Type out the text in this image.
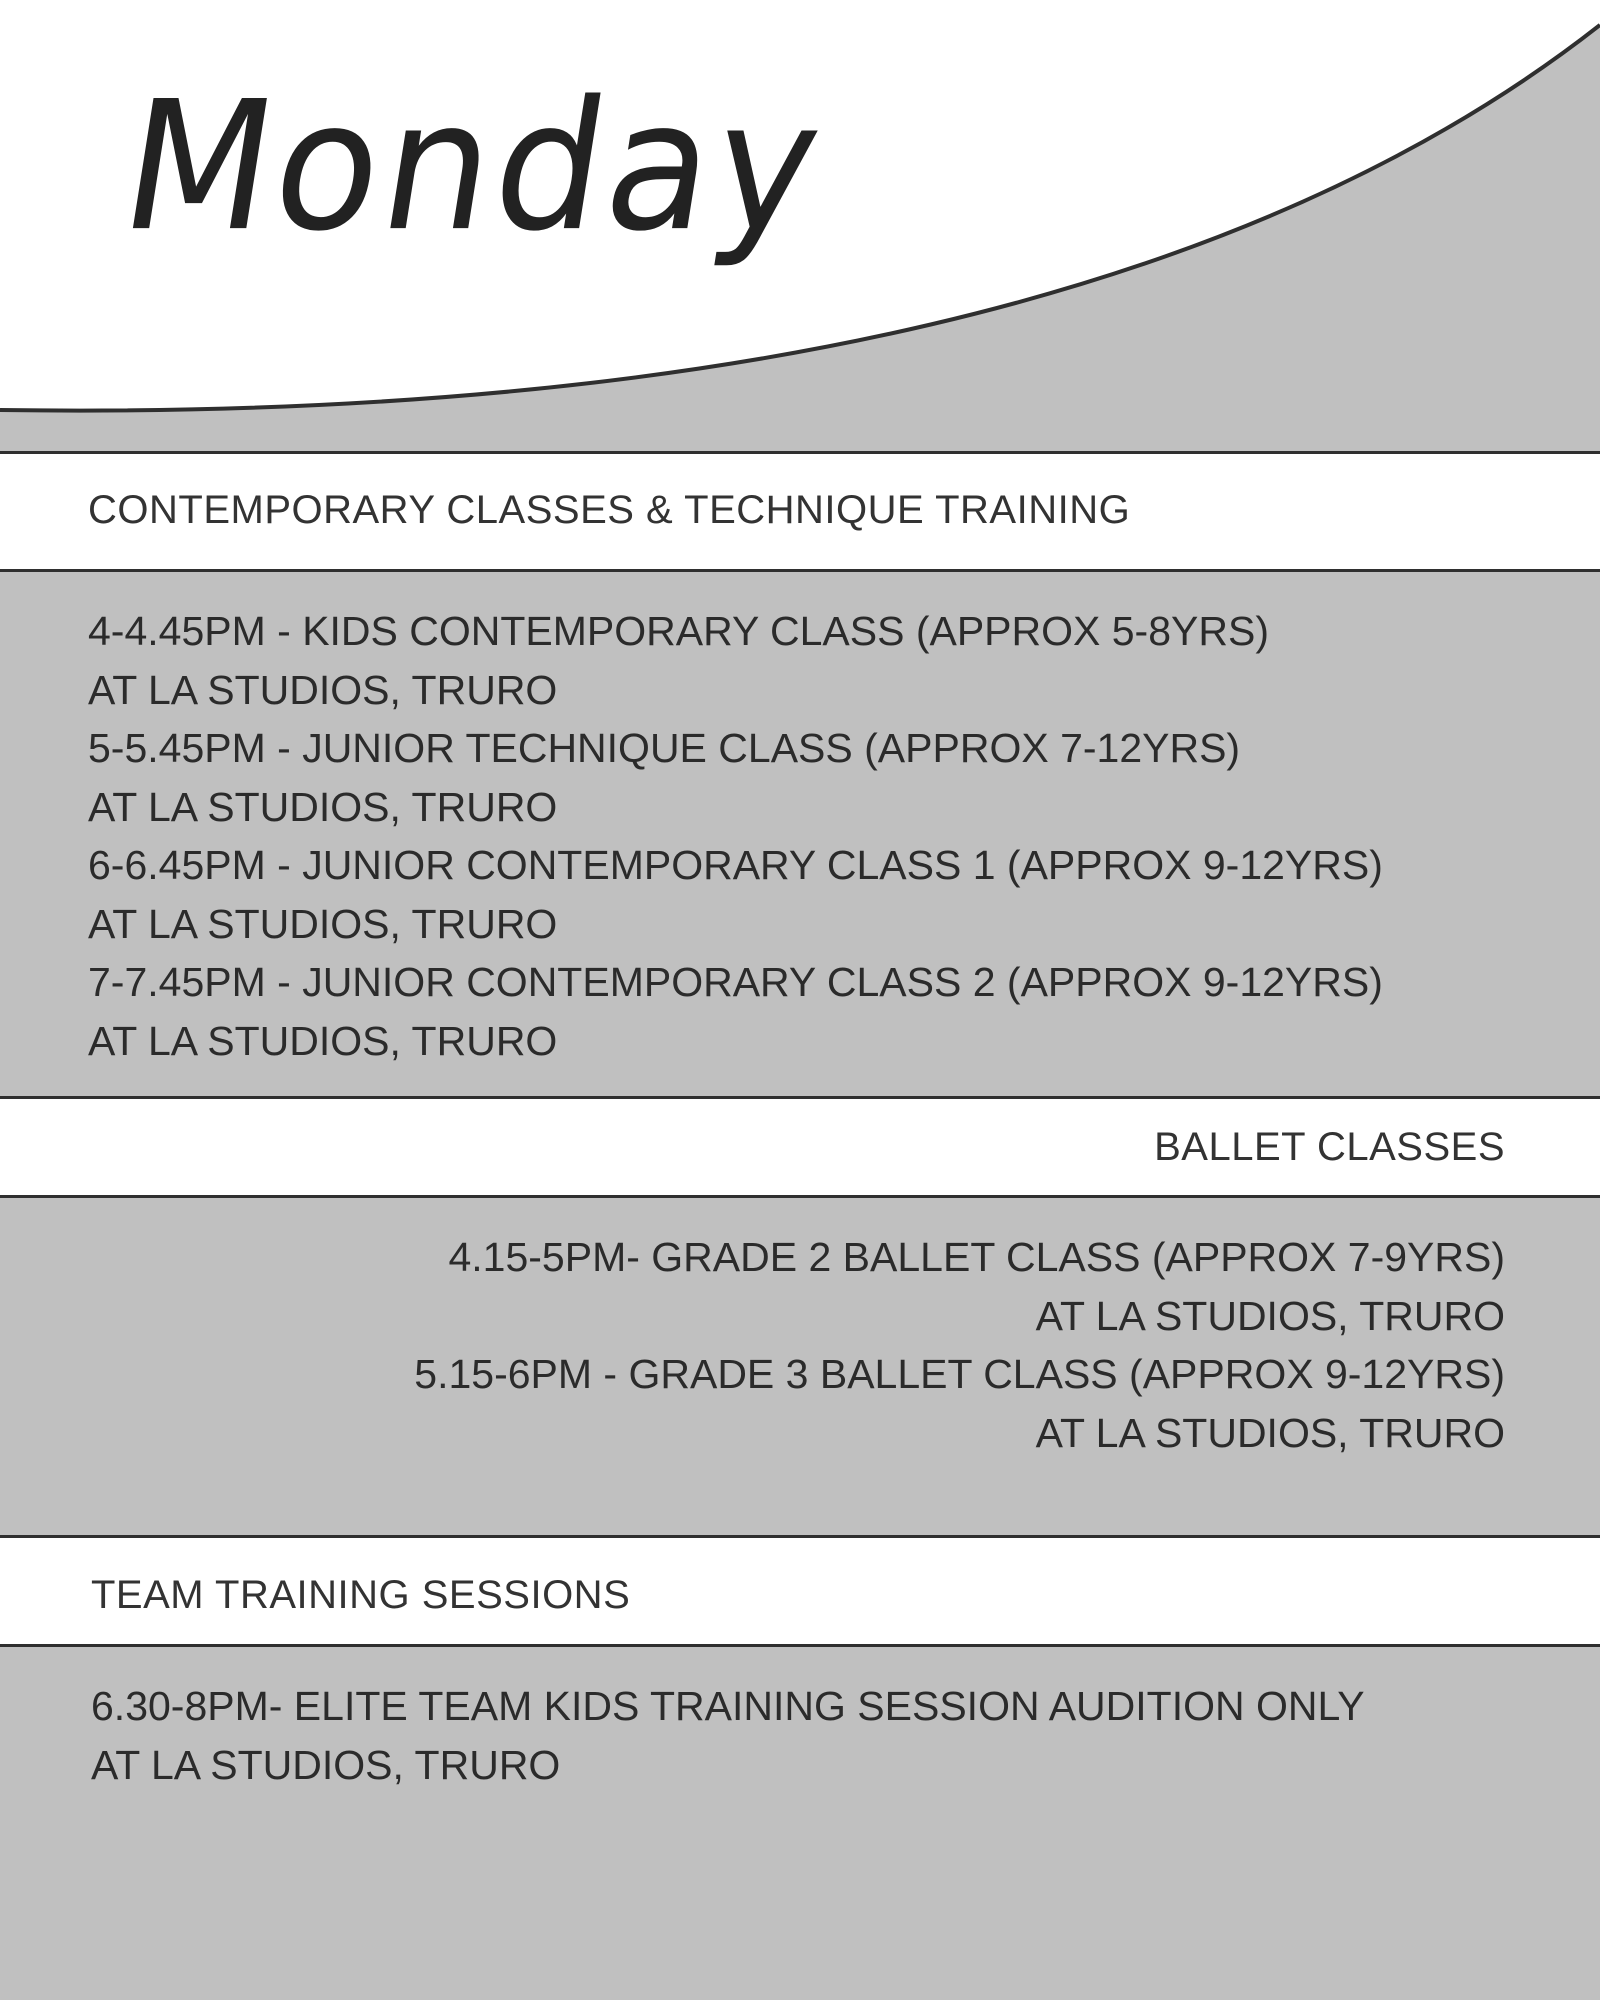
Monday
CONTEMPORARY CLASSES & TECHNIQUE TRAINING
4-4.45PM - KIDS CONTEMPORARY CLASS (APPROX 5-8YRS)
AT LA STUDIOS, TRURO
5-5.45PM - JUNIOR TECHNIQUE CLASS (APPROX 7-12YRS)
AT LA STUDIOS, TRURO
6-6.45PM - JUNIOR CONTEMPORARY CLASS 1 (APPROX 9-12YRS)
AT LA STUDIOS, TRURO
7-7.45PM - JUNIOR CONTEMPORARY CLASS 2 (APPROX 9-12YRS)
AT LA STUDIOS, TRURO
BALLET CLASSES
4.15-5PM- GRADE 2 BALLET CLASS (APPROX 7-9YRS)
AT LA STUDIOS, TRURO
5.15-6PM - GRADE 3 BALLET CLASS (APPROX 9-12YRS)
AT LA STUDIOS, TRURO
TEAM TRAINING SESSIONS
6.30-8PM- ELITE TEAM KIDS TRAINING SESSION AUDITION ONLY
AT LA STUDIOS, TRURO
